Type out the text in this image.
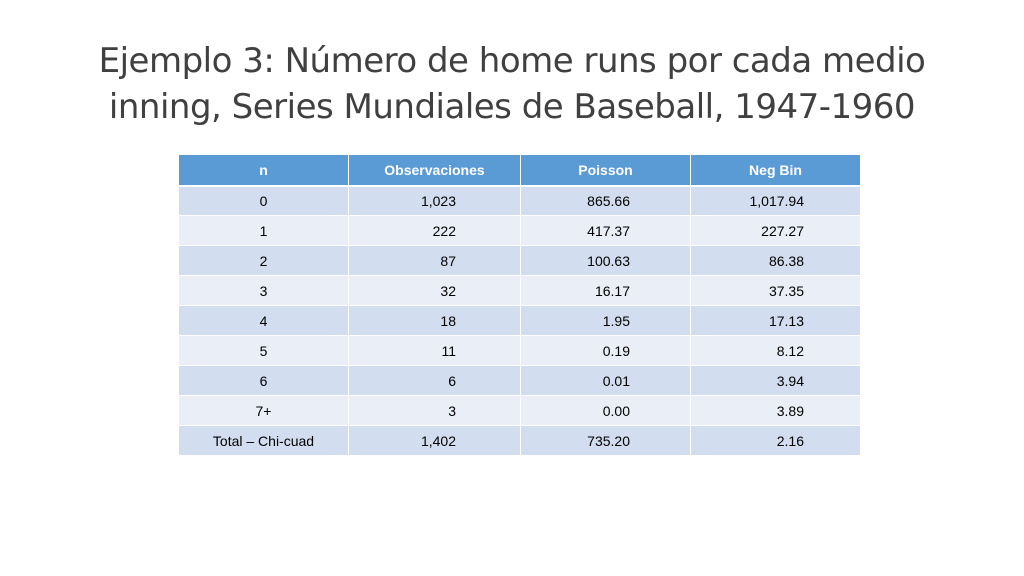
Ejemplo 3: Número de home runs por cada medio
inning, Series Mundiales de Baseball, 1947-1960
n	Observaciones	Poisson	Neg Bin
0	1,023	865.66	1,017.94
1	222	417.37	227.27
2	87	100.63	86.38
3	32	16.17	37.35
4	18	1.95	17.13
5	11	0.19	8.12
6	6	0.01	3.94
7+	3	0.00	3.89
Total – Chi-cuad	1,402	735.20	2.16
